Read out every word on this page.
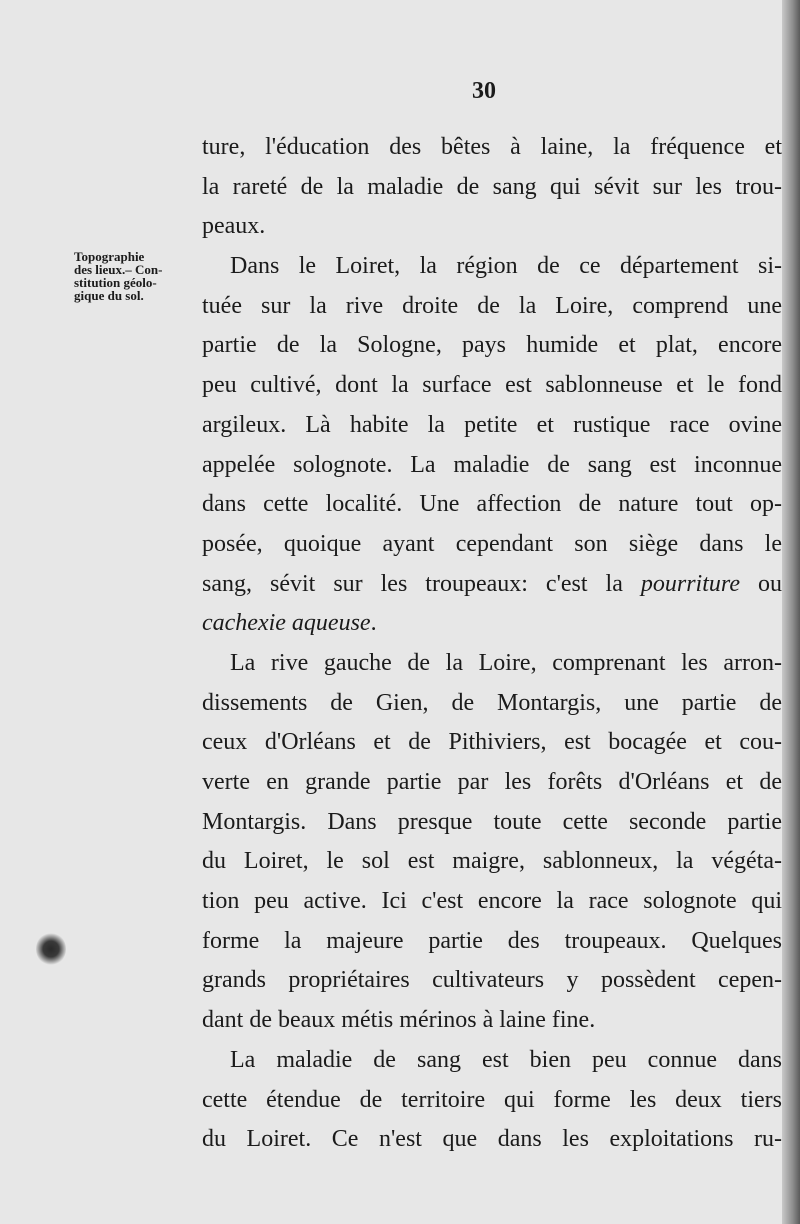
30
Topographie
des lieux.– Con-
stitution géolo-
gique du sol.
ture, l'éducation des bêtes à laine, la fréquence et
la rareté de la maladie de sang qui sévit sur les trou-
peaux.
Dans le Loiret, la région de ce département si-
tuée sur la rive droite de la Loire, comprend une
partie de la Sologne, pays humide et plat, encore
peu cultivé, dont la surface est sablonneuse et le fond
argileux. Là habite la petite et rustique race ovine
appelée solognote. La maladie de sang est inconnue
dans cette localité. Une affection de nature tout op-
posée, quoique ayant cependant son siège dans le
sang, sévit sur les troupeaux: c'est la pourriture ou
cachexie aqueuse.
La rive gauche de la Loire, comprenant les arron-
dissements de Gien, de Montargis, une partie de
ceux d'Orléans et de Pithiviers, est bocagée et cou-
verte en grande partie par les forêts d'Orléans et de
Montargis. Dans presque toute cette seconde partie
du Loiret, le sol est maigre, sablonneux, la végéta-
tion peu active. Ici c'est encore la race solognote qui
forme la majeure partie des troupeaux. Quelques
grands propriétaires cultivateurs y possèdent cepen-
dant de beaux métis mérinos à laine fine.
La maladie de sang est bien peu connue dans
cette étendue de territoire qui forme les deux tiers
du Loiret. Ce n'est que dans les exploitations ru-
